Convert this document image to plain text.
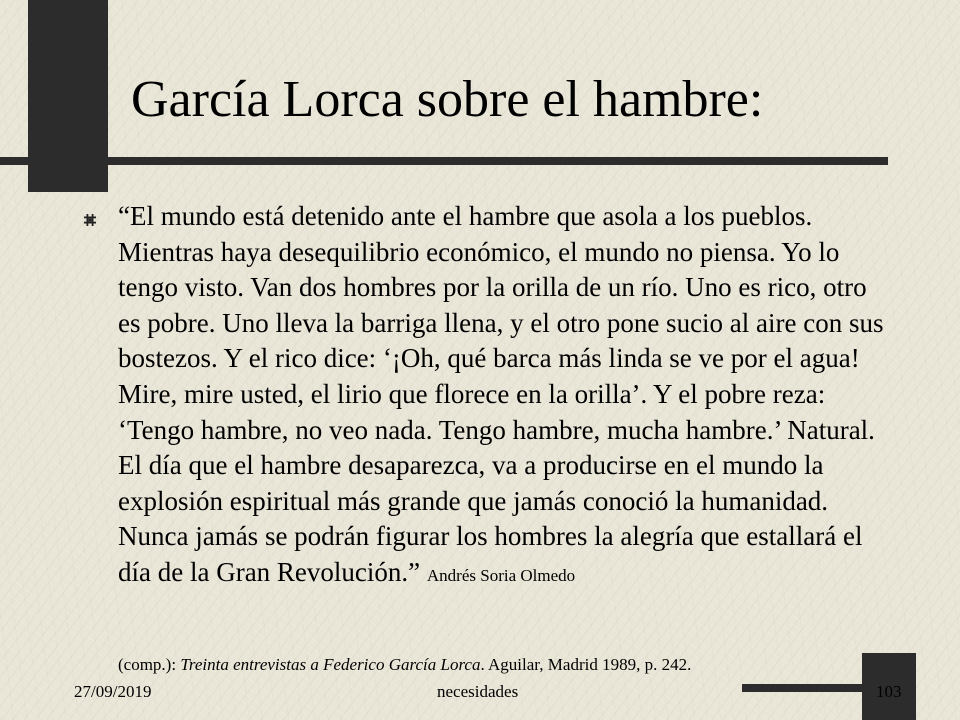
García Lorca sobre el hambre:

“El mundo está detenido ante el hambre que asola a los pueblos. Mientras haya desequilibrio económico, el mundo no piensa. Yo lo tengo visto. Van dos hombres por la orilla de un río. Uno es rico, otro es pobre. Uno lleva la barriga llena, y el otro pone sucio al aire con sus bostezos. Y el rico dice: ‘¡Oh, qué barca más linda se ve por el agua! Mire, mire usted, el lirio que florece en la orilla’. Y el pobre reza: ‘Tengo hambre, no veo nada. Tengo hambre, mucha hambre.’ Natural. El día que el hambre desaparezca, va a producirse en el mundo la explosión espiritual más grande que jamás conoció la humanidad. Nunca jamás se podrán figurar los hombres la alegría que estallará el día de la Gran Revolución.” Andrés Soria Olmedo

(comp.): Treinta entrevistas a Federico García Lorca. Aguilar, Madrid 1989, p. 242.

27/09/2019	necesidades	103
